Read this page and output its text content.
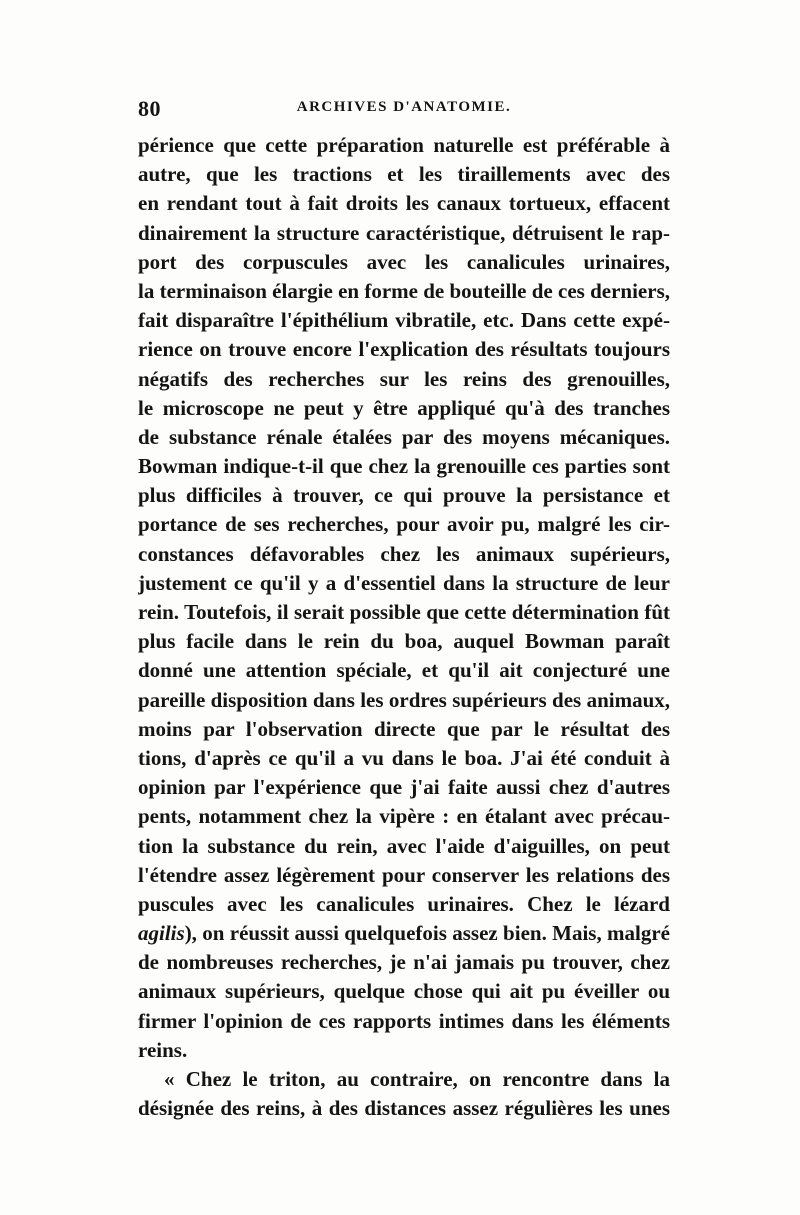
80	ARCHIVES D'ANATOMIE.
périence que cette préparation naturelle est préférable à
autre, que les tractions et les tiraillements avec des
en rendant tout à fait droits les canaux tortueux, effacent
dinairement la structure caractéristique, détruisent le rap-
port des corpuscules avec les canalicules urinaires,
la terminaison élargie en forme de bouteille de ces derniers,
fait disparaître l'épithélium vibratile, etc. Dans cette expé-
rience on trouve encore l'explication des résultats toujours
négatifs des recherches sur les reins des grenouilles,
le microscope ne peut y être appliqué qu'à des tranches
de substance rénale étalées par des moyens mécaniques.
Bowman indique-t-il que chez la grenouille ces parties sont
plus difficiles à trouver, ce qui prouve la persistance et
portance de ses recherches, pour avoir pu, malgré les cir-
constances défavorables chez les animaux supérieurs,
justement ce qu'il y a d'essentiel dans la structure de leur
rein. Toutefois, il serait possible que cette détermination fût
plus facile dans le rein du boa, auquel Bowman paraît
donné une attention spéciale, et qu'il ait conjecturé une
pareille disposition dans les ordres supérieurs des animaux,
moins par l'observation directe que par le résultat des
tions, d'après ce qu'il a vu dans le boa. J'ai été conduit à
opinion par l'expérience que j'ai faite aussi chez d'autres
pents, notamment chez la vipère : en étalant avec précau-
tion la substance du rein, avec l'aide d'aiguilles, on peut
l'étendre assez légèrement pour conserver les relations des
puscules avec les canalicules urinaires. Chez le lézard
agilis), on réussit aussi quelquefois assez bien. Mais, malgré
de nombreuses recherches, je n'ai jamais pu trouver, chez
animaux supérieurs, quelque chose qui ait pu éveiller ou
firmer l'opinion de ces rapports intimes dans les éléments
reins.
« Chez le triton, au contraire, on rencontre dans la
désignée des reins, à des distances assez régulières les unes
